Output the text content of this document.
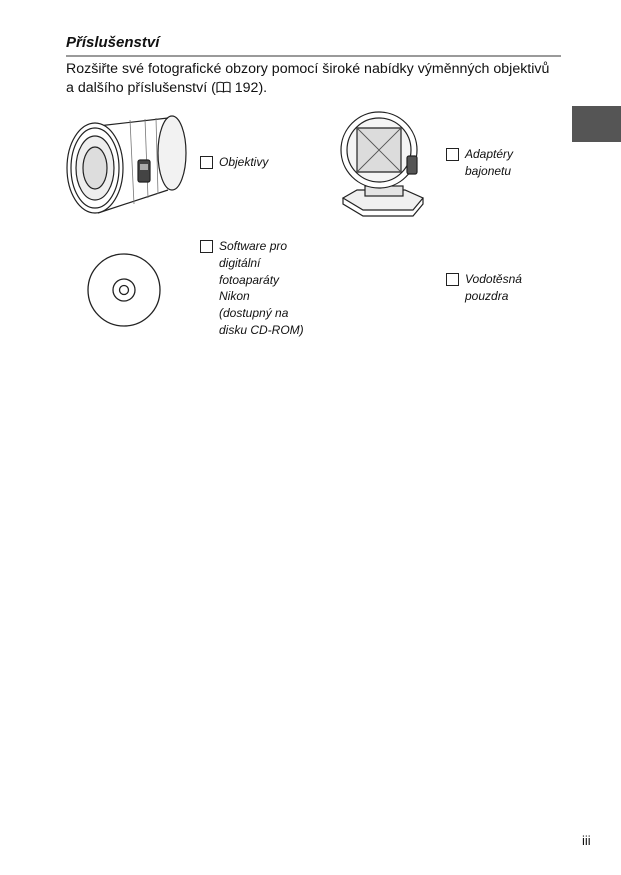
Příslušenství

Rozšiřte své fotografické obzory pomocí široké nabídky výměnných objektivů a dalšího příslušenství ( 192).

Objektivy
Adaptéry
bajonetu
Software pro
digitální
fotoaparáty
Nikon
(dostupný na
disku CD-ROM)
Vodotěsná
pouzdra
iii
